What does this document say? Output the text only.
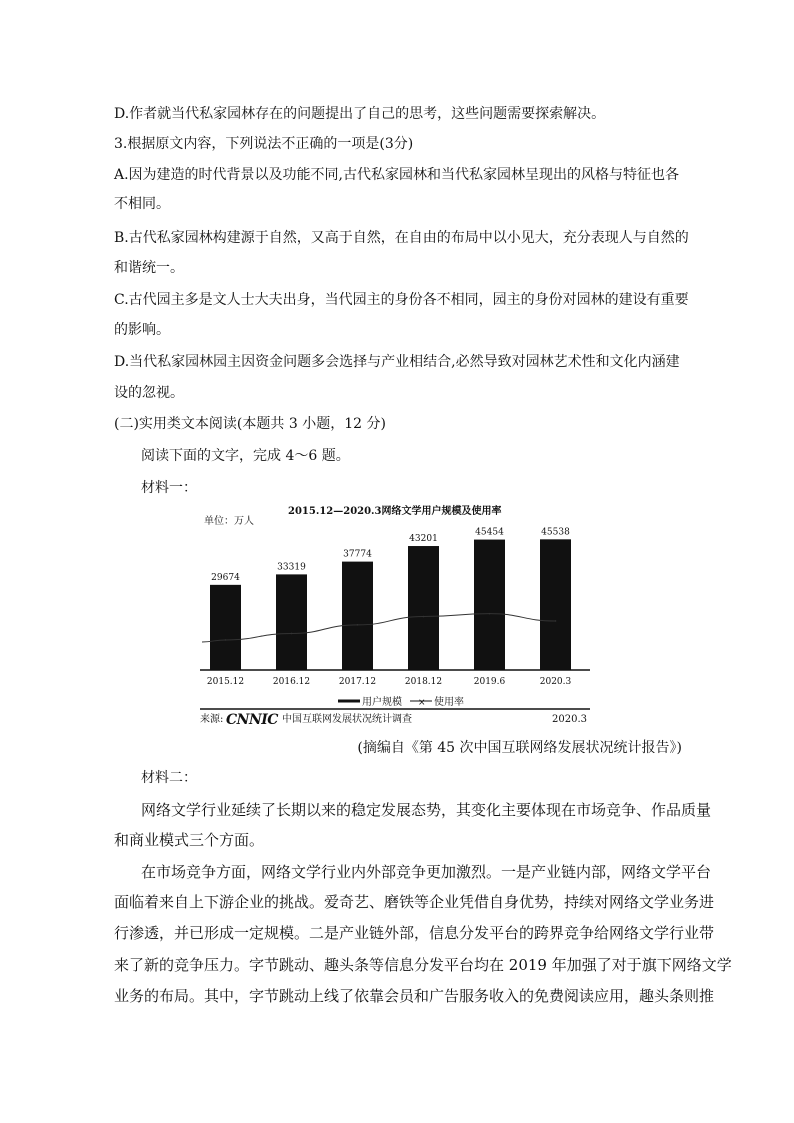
D.作者就当代私家园林存在的问题提出了自己的思考，这些问题需要探索解决。
3.根据原文内容，下列说法不正确的一项是(3分)
A.因为建造的时代背景以及功能不同,古代私家园林和当代私家园林呈现出的风格与特征也各
不相同。
B.古代私家园林构建源于自然，又高于自然，在自由的布局中以小见大，充分表现人与自然的
和谐统一。
C.古代园主多是文人士大夫出身，当代园主的身份各不相同，园主的身份对园林的建设有重要
的影响。
D.当代私家园林园主因资金问题多会选择与产业相结合,必然导致对园林艺术性和文化内涵建
设的忽视。
(二)实用类文本阅读(本题共 3 小题，12 分)
阅读下面的文字，完成 4～6 题。
材料一：
单位：万人
2015.12—2020.3网络文学用户规模及使用率
29674
33319
37774
43201
45454	45538
2015.12	2016.12	2017.12	2018.12	2019.6	2020.3
用户规模 × 使用率
来源: CNNIC 中国互联网发展状况统计调查	2020.3
(摘编自《第 45 次中国互联网络发展状况统计报告》)
材料二：
网络文学行业延续了长期以来的稳定发展态势，其变化主要体现在市场竞争、作品质量
和商业模式三个方面。
在市场竞争方面，网络文学行业内外部竞争更加激烈。一是产业链内部，网络文学平台
面临着来自上下游企业的挑战。爱奇艺、磨铁等企业凭借自身优势，持续对网络文学业务进
行渗透，并已形成一定规模。二是产业链外部，信息分发平台的跨界竞争给网络文学行业带
来了新的竞争压力。字节跳动、趣头条等信息分发平台均在 2019 年加强了对于旗下网络文学
业务的布局。其中，字节跳动上线了依靠会员和广告服务收入的免费阅读应用，趣头条则推
